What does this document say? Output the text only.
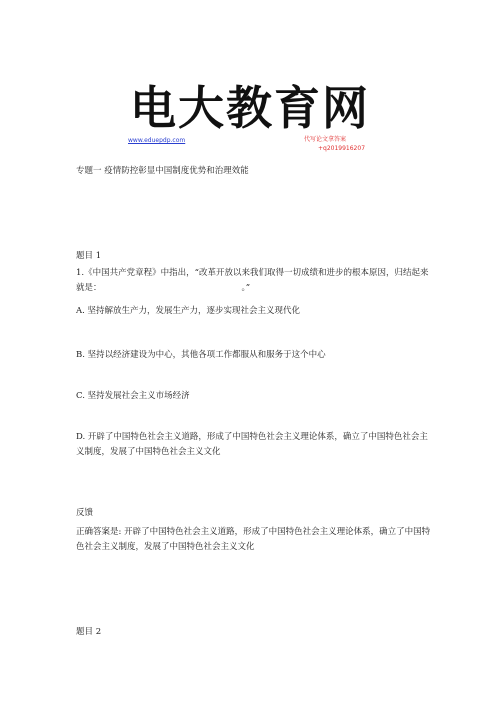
电大教育网
www.eduepdp.com	代写论文拿答案
+q2019916207
专题一 疫情防控彰显中国制度优势和治理效能
题目 1
1.《中国共产党章程》中指出，“改革开放以来我们取得一切成绩和进步的根本原因，归结起来就是：	。”
A. 坚持解放生产力，发展生产力，逐步实现社会主义现代化
B. 坚持以经济建设为中心，其他各项工作都服从和服务于这个中心
C. 坚持发展社会主义市场经济
D. 开辟了中国特色社会主义道路，形成了中国特色社会主义理论体系，确立了中国特色社会主义制度，发展了中国特色社会主义文化
反馈
正确答案是: 开辟了中国特色社会主义道路，形成了中国特色社会主义理论体系，确立了中国特色社会主义制度，发展了中国特色社会主义文化
题目 2
